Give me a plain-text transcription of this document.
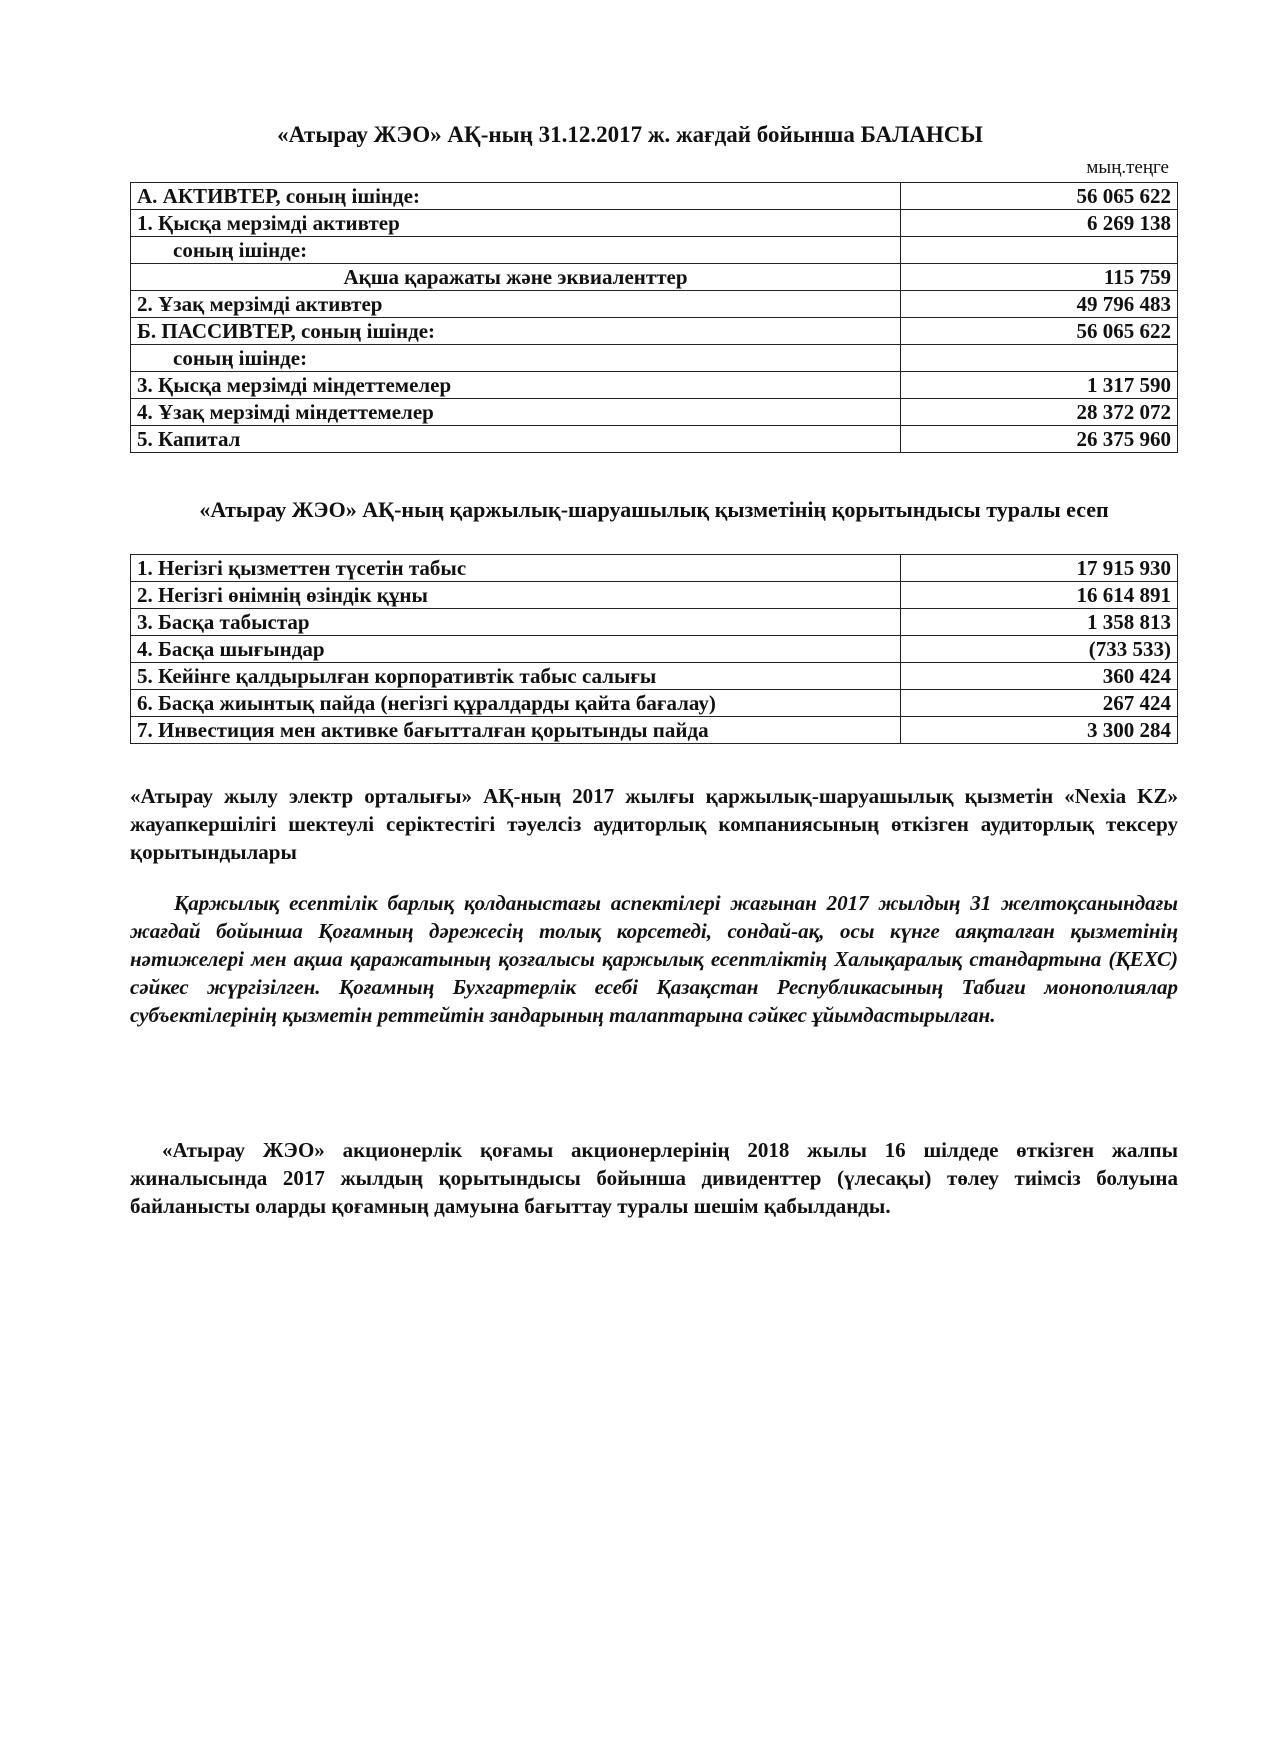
«Атырау ЖЭО» АҚ-ның 31.12.2017 ж. жағдай бойынша БАЛАНСЫ
мың.теңге
А. АКТИВТЕР, соның ішінде:	56 065 622
1. Қысқа мерзімді активтер	6 269 138
соның ішінде:	
Ақша қаражаты және эквиаленттер	115 759
2. Ұзақ мерзімді активтер	49 796 483
Б. ПАССИВТЕР, соның ішінде:	56 065 622
соның ішінде:	
3. Қысқа мерзімді міндеттемелер	1 317 590
4. Ұзақ мерзімді міндеттемелер	28 372 072
5. Капитал	26 375 960
«Атырау ЖЭО» АҚ-ның қаржылық-шаруашылық қызметінің қорытындысы туралы есеп
1. Негізгі қызметтен түсетін табыс	17 915 930
2. Негізгі өнімнің өзіндік құны	16 614 891
3. Басқа табыстар	1 358 813
4. Басқа шығындар	(733 533)
5. Кейінге қалдырылған корпоративтік табыс салығы	360 424
6. Басқа жиынтық пайда (негізгі құралдарды қайта бағалау)	267 424
7. Инвестиция мен активке бағытталған қорытынды пайда	3 300 284
«Атырау жылу электр орталығы» АҚ-ның 2017 жылғы қаржылық-шаруашылық қызметін «Nexia KZ» жауапкершілігі шектеулі серіктестігі тәуелсіз аудиторлық компаниясының өткізген аудиторлық тексеру қорытындылары
Қаржылық есептілік барлық қолданыстағы аспектілері жағынан 2017 жылдың 31 желтоқсанындағы жағдай бойынша Қоғамның дәрежесің толық корсетеді, сондай-ақ, осы күнге аяқталған қызметінің нәтижелері мен ақша қаражатының қозғалысы қаржылық есептліктің Халықаралық стандартына (ҚЕХС) сәйкес жүргізілген. Қоғамның Бухгартерлік есебі Қазақстан Республикасының Табиғи монополиялар субъектілерінің қызметін реттейтін зандарының талаптарына сәйкес ұйымдастырылған.
«Атырау ЖЭО» акционерлік қоғамы акционерлерінің 2018 жылы 16 шілдеде өткізген жалпы жиналысында 2017 жылдың қорытындысы бойынша дивиденттер (үлесақы) төлеу тиімсіз болуына байланысты оларды қоғамның дамуына бағыттау туралы шешім қабылданды.
